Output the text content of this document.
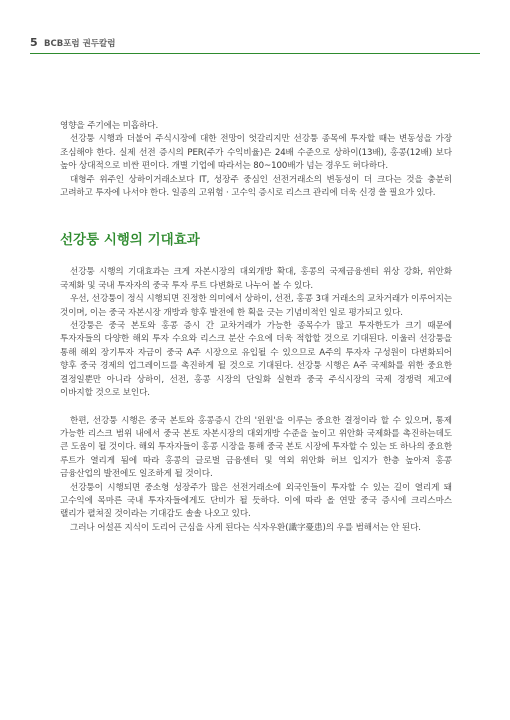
5 BCB포럼 권두칼럼

영향을 주기에는 미흡하다.

선강퉁 시행과 더불어 주식시장에 대한 전망이 엇갈리지만 선강퉁 종목에 투자할 때는 변동성을 가장 조심해야 한다. 실제 선전 증시의 PER(주가 수익비율)은 24배 수준으로 상하이(13배), 홍콩(12배) 보다 높아 상대적으로 비싼 편이다. 개별 기업에 따라서는 80~100배가 넘는 경우도 허다하다.

대형주 위주인 상하이거래소보다 IT, 성장주 중심인 선전거래소의 변동성이 더 크다는 것을 충분히 고려하고 투자에 나서야 한다. 일종의 고위험 · 고수익 증시로 리스크 관리에 더욱 신경 쓸 필요가 있다.

선강퉁 시행의 기대효과

선강퉁 시행의 기대효과는 크게 자본시장의 대외개방 확대, 홍콩의 국제금융센터 위상 강화, 위안화 국제화 및 국내 투자자의 중국 투자 루트 다변화로 나누어 볼 수 있다.

우선, 선강퉁이 정식 시행되면 진정한 의미에서 상하이, 선전, 홍콩 3대 거래소의 교차거래가 이루어지는 것이며, 이는 중국 자본시장 개방과 향후 발전에 한 획을 긋는 기념비적인 일로 평가되고 있다.

선강퉁은 중국 본토와 홍콩 증시 간 교차거래가 가능한 종목수가 많고 투자한도가 크기 때문에 투자자들의 다양한 해외 투자 수요와 리스크 분산 수요에 더욱 적합할 것으로 기대된다. 이울러 선강퉁을 통해 해외 장기투자 자금이 중국 A주 시장으로 유입될 수 있으므로 A주의 투자자 구성원이 다변화되어 향후 중국 경제의 업그레이드를 촉진하게 될 것으로 기대된다. 선강퉁 시행은 A주 국제화를 위한 중요한 결정일뿐만 아니라 상하이, 선전, 홍콩 시장의 단일화 실현과 중국 주식시장의 국제 경쟁력 제고에 이바지할 것으로 보인다.

한편, 선강퉁 시행은 중국 본토와 홍콩증시 간의 '윈윈'을 이루는 중요한 결정이라 할 수 있으며, 통제 가능한 리스크 범위 내에서 중국 본토 자본시장의 대외개방 수준을 높이고 위안화 국제화를 촉진하는데도 큰 도움이 될 것이다. 해외 투자자들이 홍콩 시장을 통해 중국 본토 시장에 투자할 수 있는 또 하나의 중요한 루트가 열리게 됨에 따라 홍콩의 글로벌 금융센터 및 역외 위안화 허브 입지가 한층 높아져 홍콩 금융산업의 발전에도 일조하게 될 것이다.

선강퉁이 시행되면 중소형 성장주가 많은 선전거래소에 외국인들이 투자할 수 있는 길이 열리게 돼 고수익에 목마른 국내 투자자들에게도 단비가 될 듯하다. 이에 따라 올 연말 중국 증시에 크리스마스 랠리가 펼쳐질 것이라는 기대감도 솔솔 나오고 있다.

그러나 어설픈 지식이 도리어 근심을 사게 된다는 식자우환(識字憂患)의 우를 범해서는 안 된다.
